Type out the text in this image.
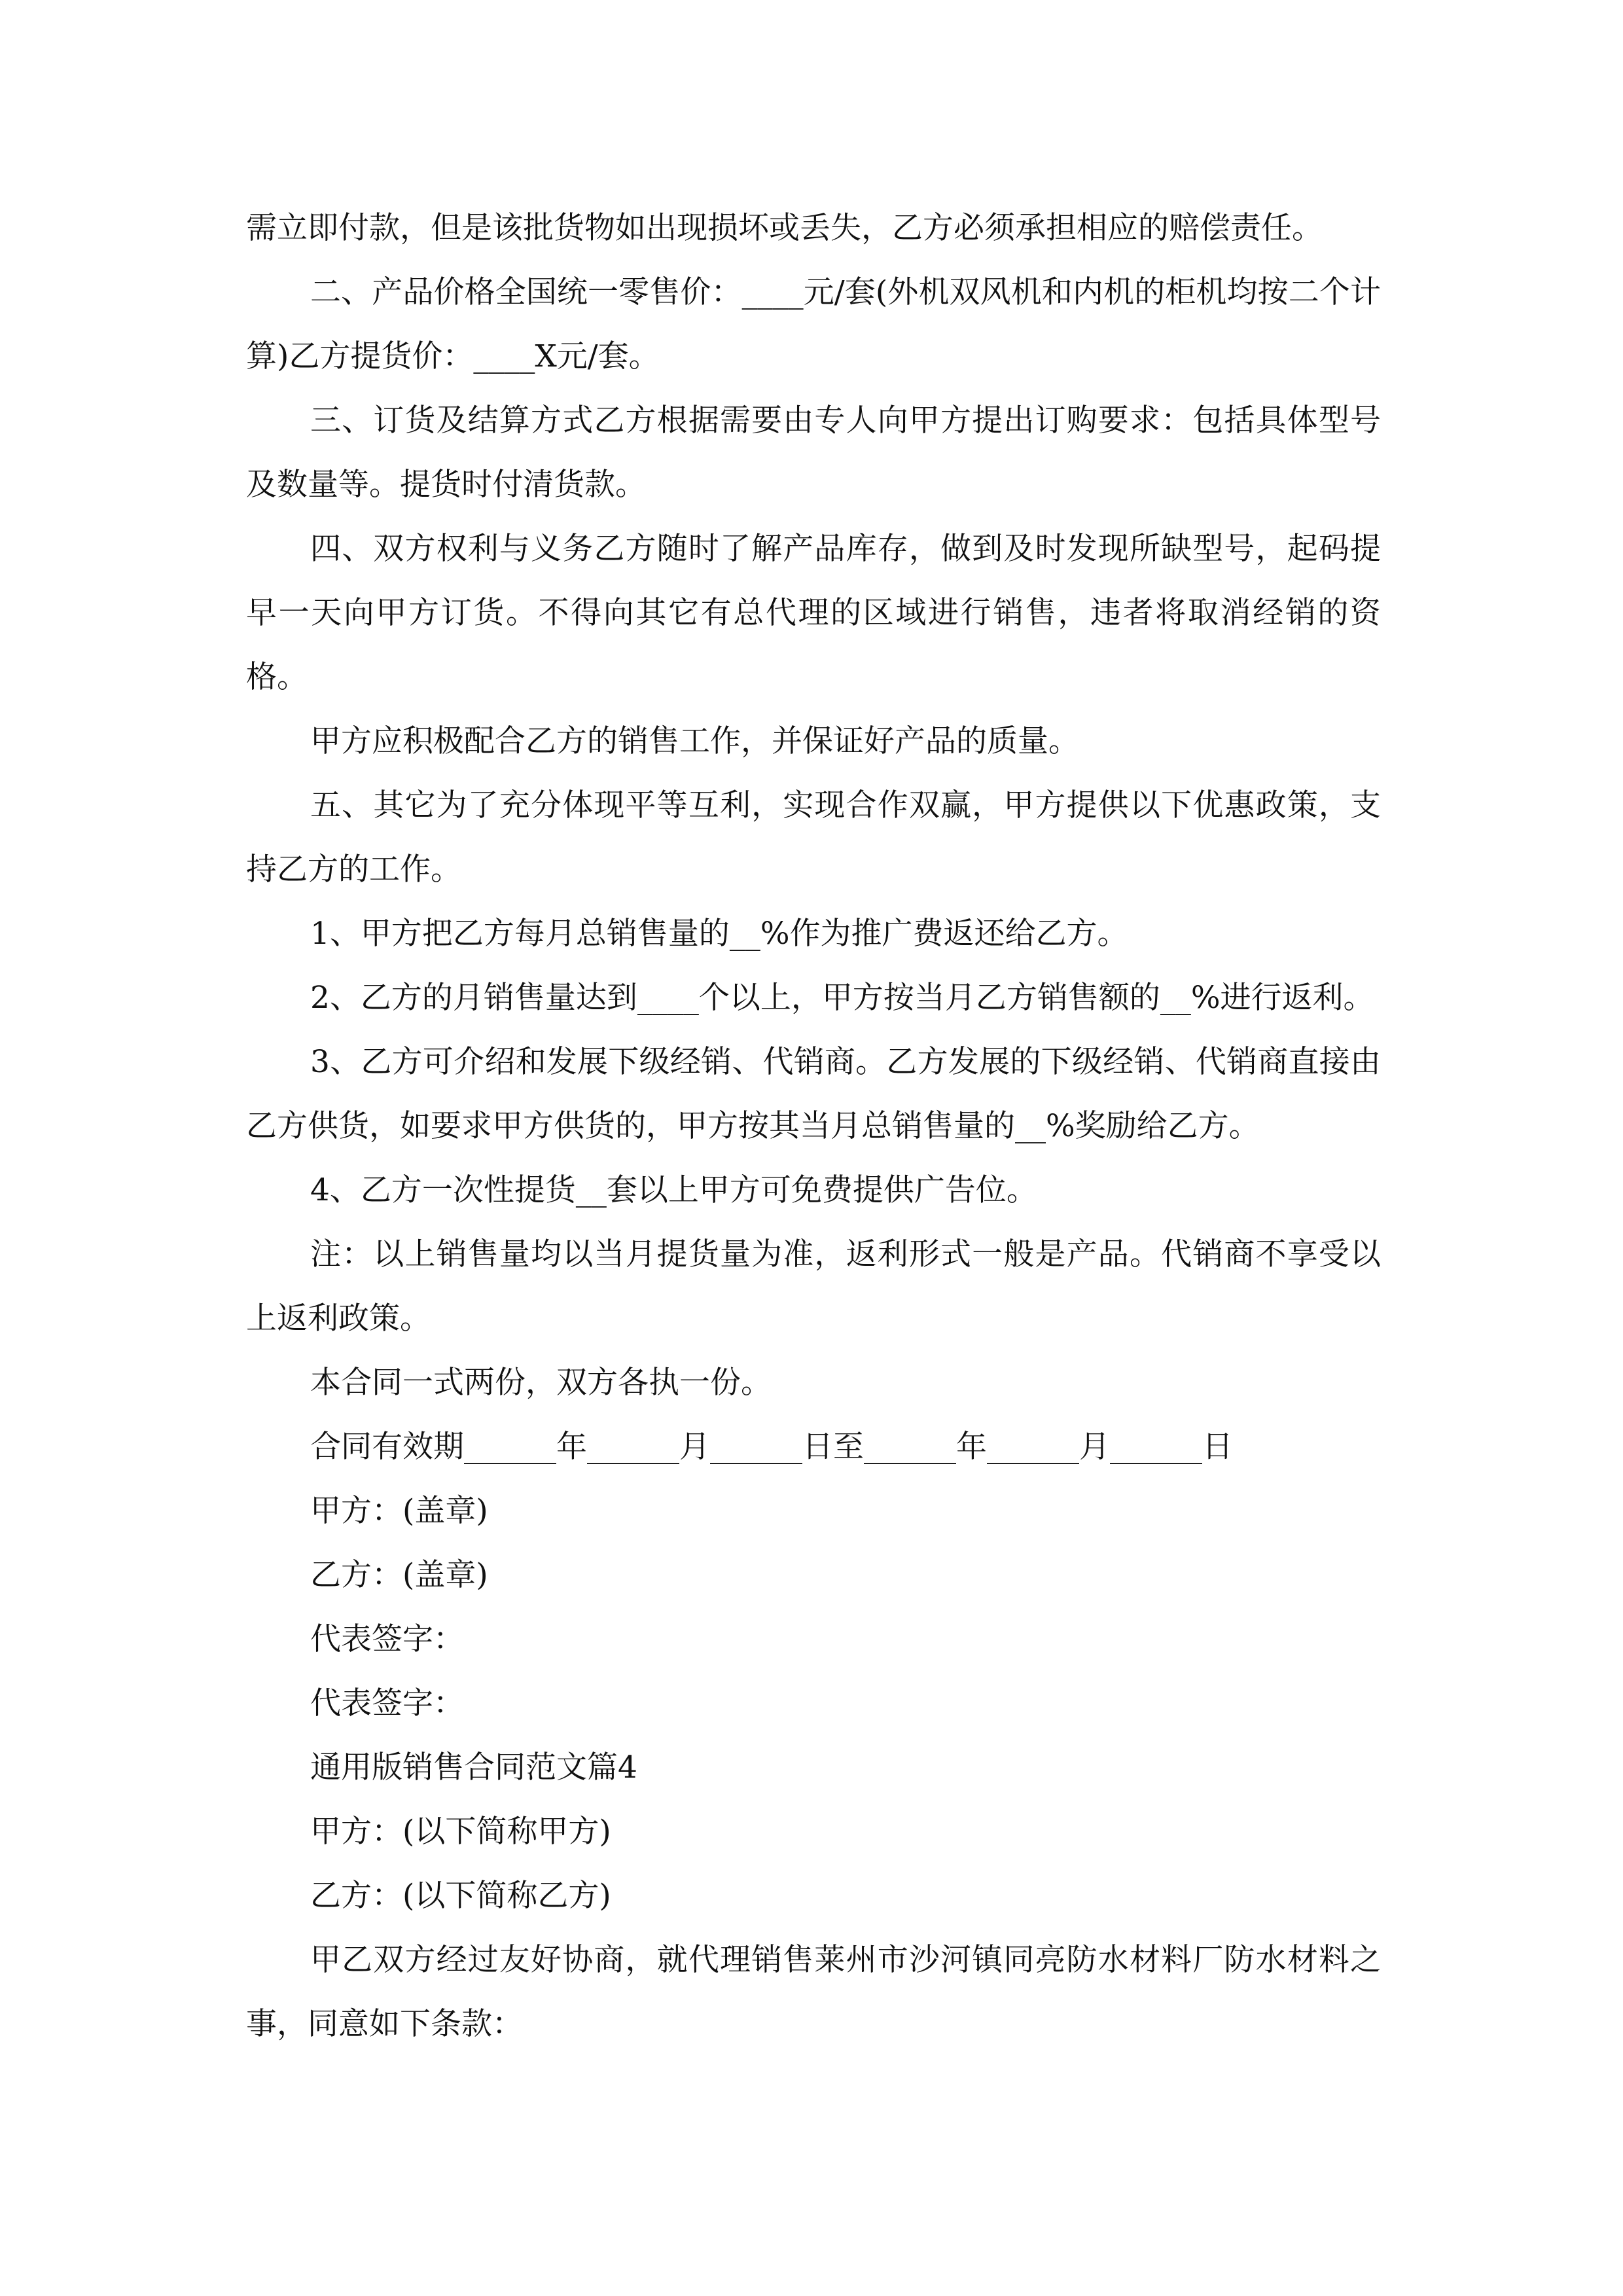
需立即付款，但是该批货物如出现损坏或丢失，乙方必须承担相应的赔偿责任。

二、产品价格全国统一零售价：____元/套(外机双风机和内机的柜机均按二个计算)乙方提货价：____X元/套。

三、订货及结算方式乙方根据需要由专人向甲方提出订购要求：包括具体型号及数量等。提货时付清货款。

四、双方权利与义务乙方随时了解产品库存，做到及时发现所缺型号，起码提早一天向甲方订货。不得向其它有总代理的区域进行销售，违者将取消经销的资格。

甲方应积极配合乙方的销售工作，并保证好产品的质量。

五、其它为了充分体现平等互利，实现合作双赢，甲方提供以下优惠政策，支持乙方的工作。

1、甲方把乙方每月总销售量的__%作为推广费返还给乙方。

2、乙方的月销售量达到____个以上，甲方按当月乙方销售额的__%进行返利。

3、乙方可介绍和发展下级经销、代销商。乙方发展的下级经销、代销商直接由乙方供货，如要求甲方供货的，甲方按其当月总销售量的__%奖励给乙方。

4、乙方一次性提货__套以上甲方可免费提供广告位。

注：以上销售量均以当月提货量为准，返利形式一般是产品。代销商不享受以上返利政策。

本合同一式两份，双方各执一份。

合同有效期______年______月______日至______年______月______日

甲方：(盖章)

乙方：(盖章)

代表签字：

代表签字：

通用版销售合同范文篇4

甲方：(以下简称甲方)

乙方：(以下简称乙方)

甲乙双方经过友好协商，就代理销售莱州市沙河镇同亮防水材料厂防水材料之事，同意如下条款：
